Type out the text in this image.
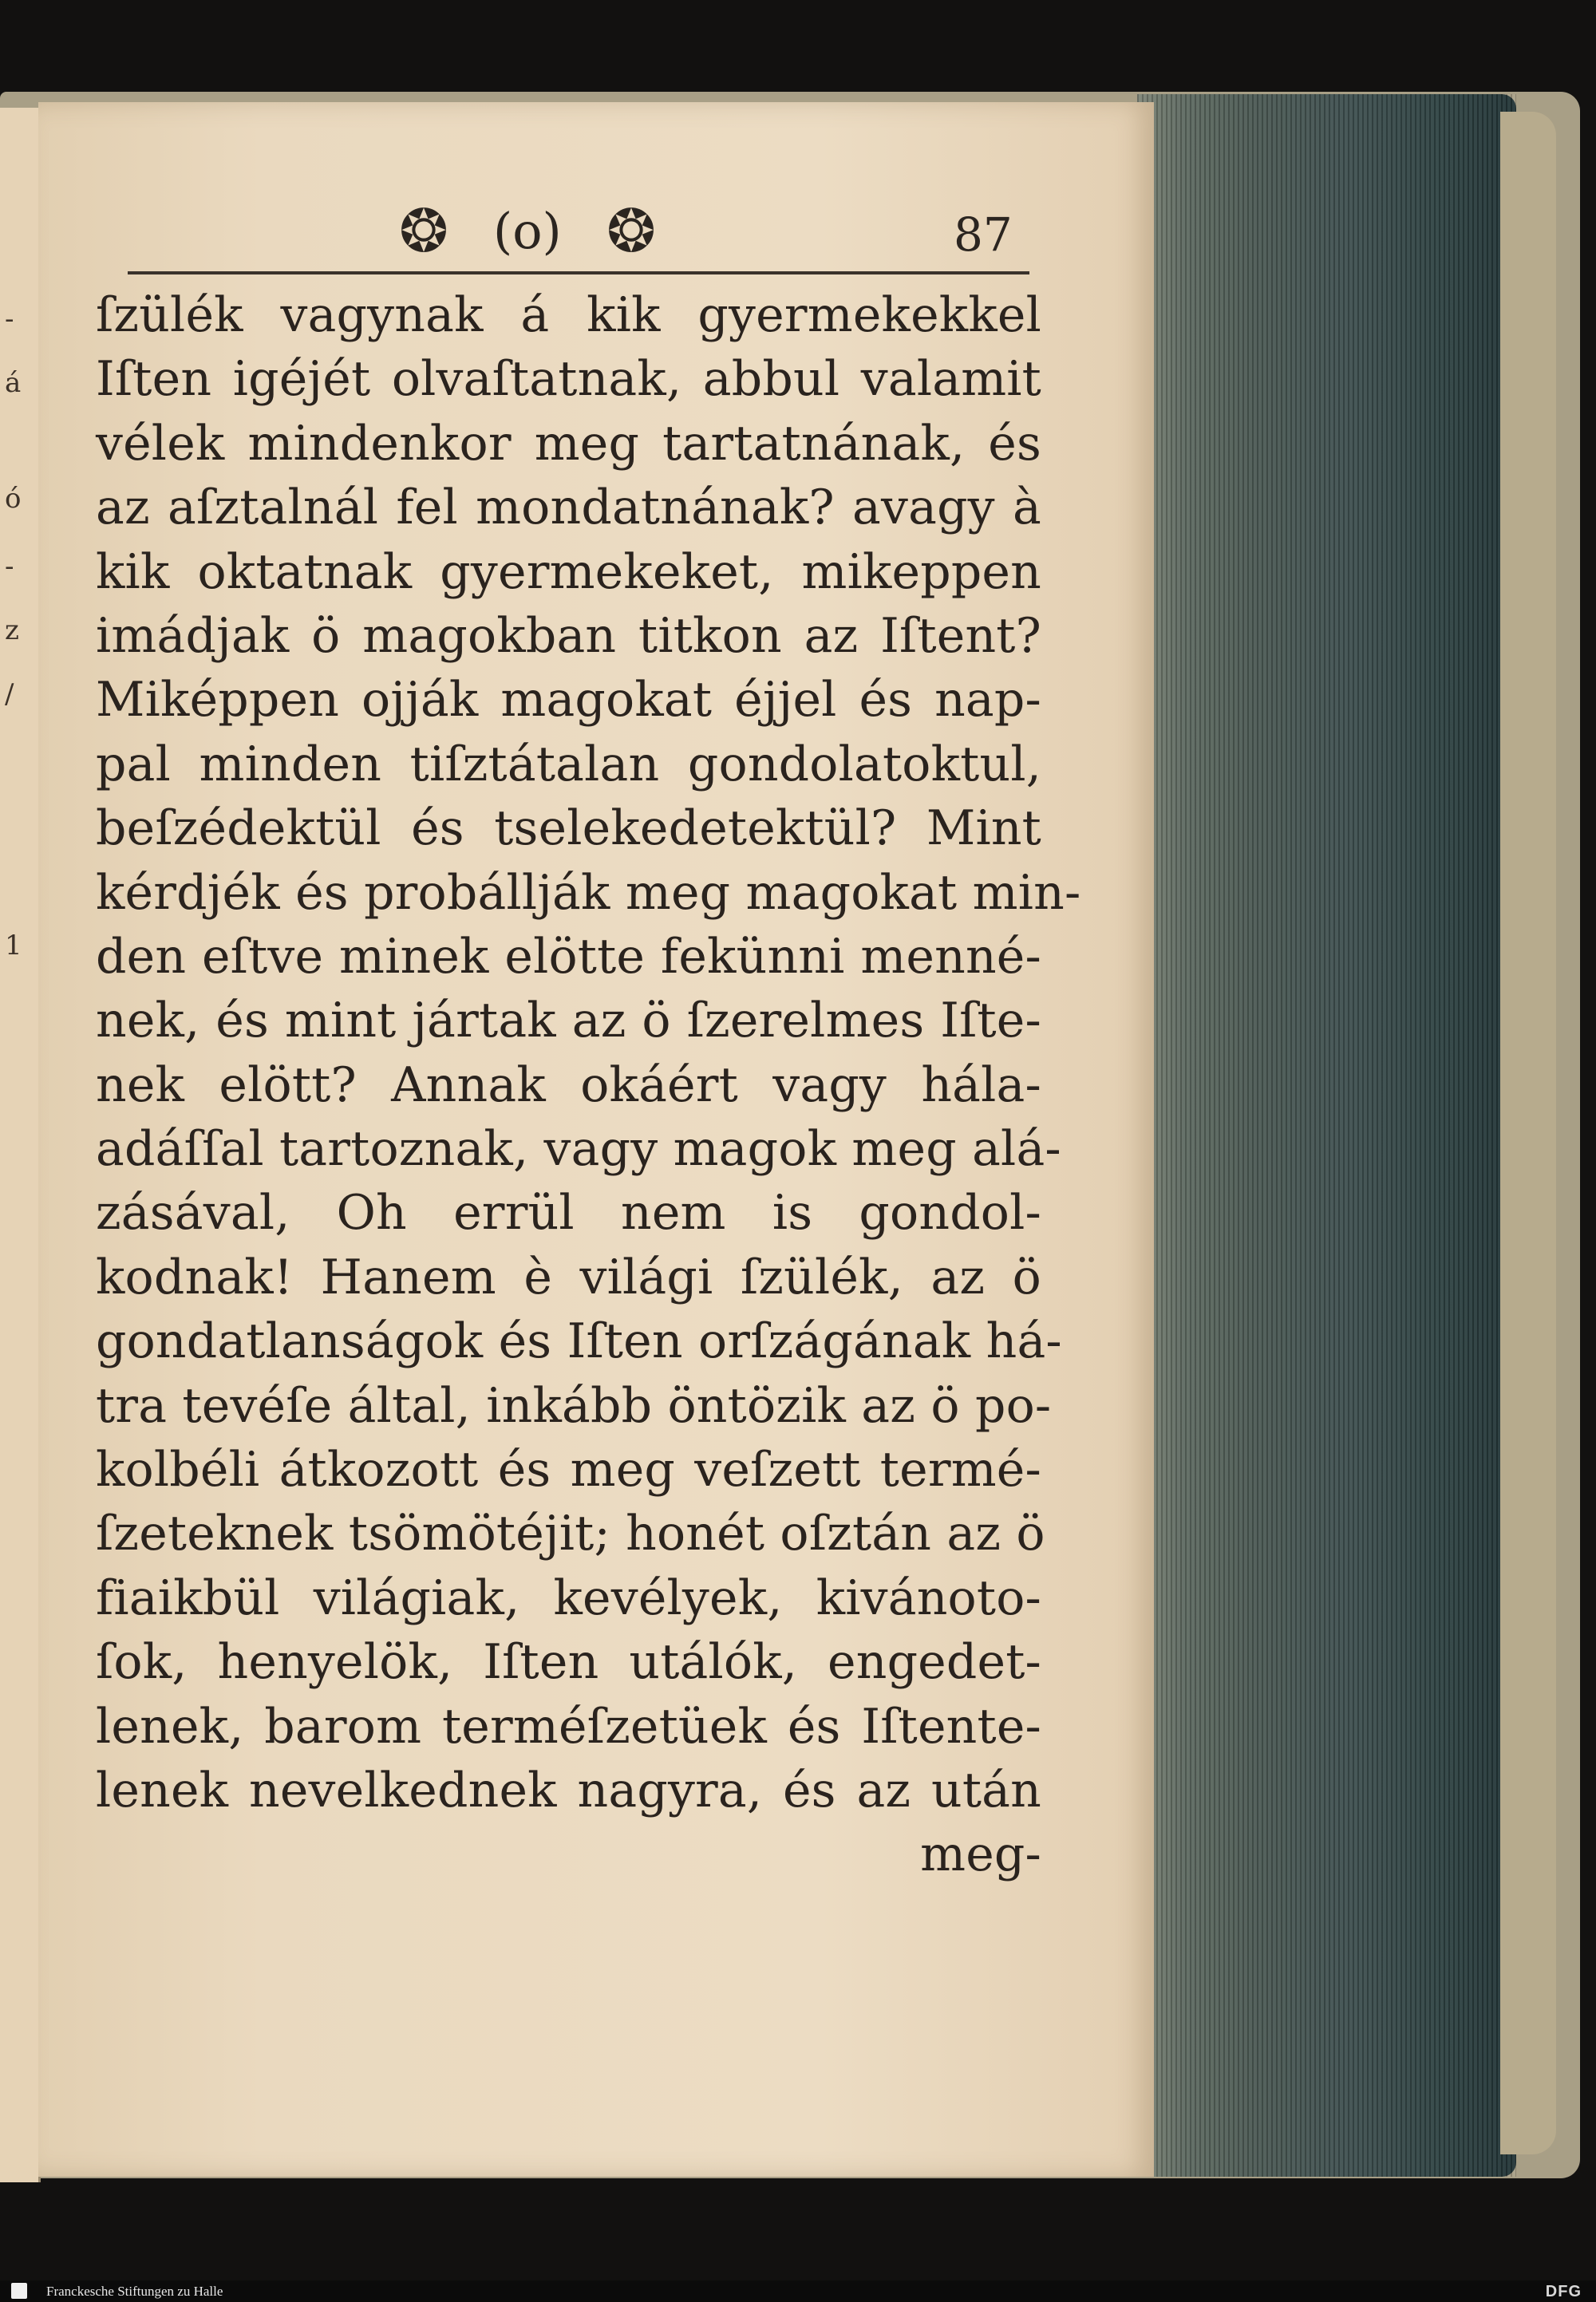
-
á
ó
-
z
/
1
❂ (o) ❂	87
ſzülék vagynak á kik gyermekekkel
Iſten igéjét olvaſtatnak, abbul valamit
vélek mindenkor meg tartatnának, és
az aſztalnál fel mondatnának? avagy à
kik oktatnak gyermekeket, mikeppen
imádjak ö magokban titkon az Iſtent?
Miképpen ojják magokat éjjel és nap-
pal minden tiſztátalan gondolatoktul,
beſzédektül és tselekedetektül? Mint
kérdjék és probállják meg magokat min-
den eſtve minek elötte fekünni menné-
nek, és mint jártak az ö ſzerelmes Iſte-
nek elött? Annak okáért vagy hála-
adáſſal tartoznak, vagy magok meg alá-
zásával, Oh errül nem is gondol-
kodnak! Hanem è világi ſzülék, az ö
gondatlanságok és Iſten orſzágának há-
tra tevéſe által, inkább öntözik az ö po-
kolbéli átkozott és meg veſzett termé-
ſzeteknek tsömötéjit; honét oſztán az ö
fiaikbül világiak, kevélyek, kivánoto-
ſok, henyelök, Iſten utálók, engedet-
lenek, barom terméſzetüek és Iſtente-
lenek nevelkednek nagyra, és az után
meg-
Franckesche Stiftungen zu Halle	DFG
